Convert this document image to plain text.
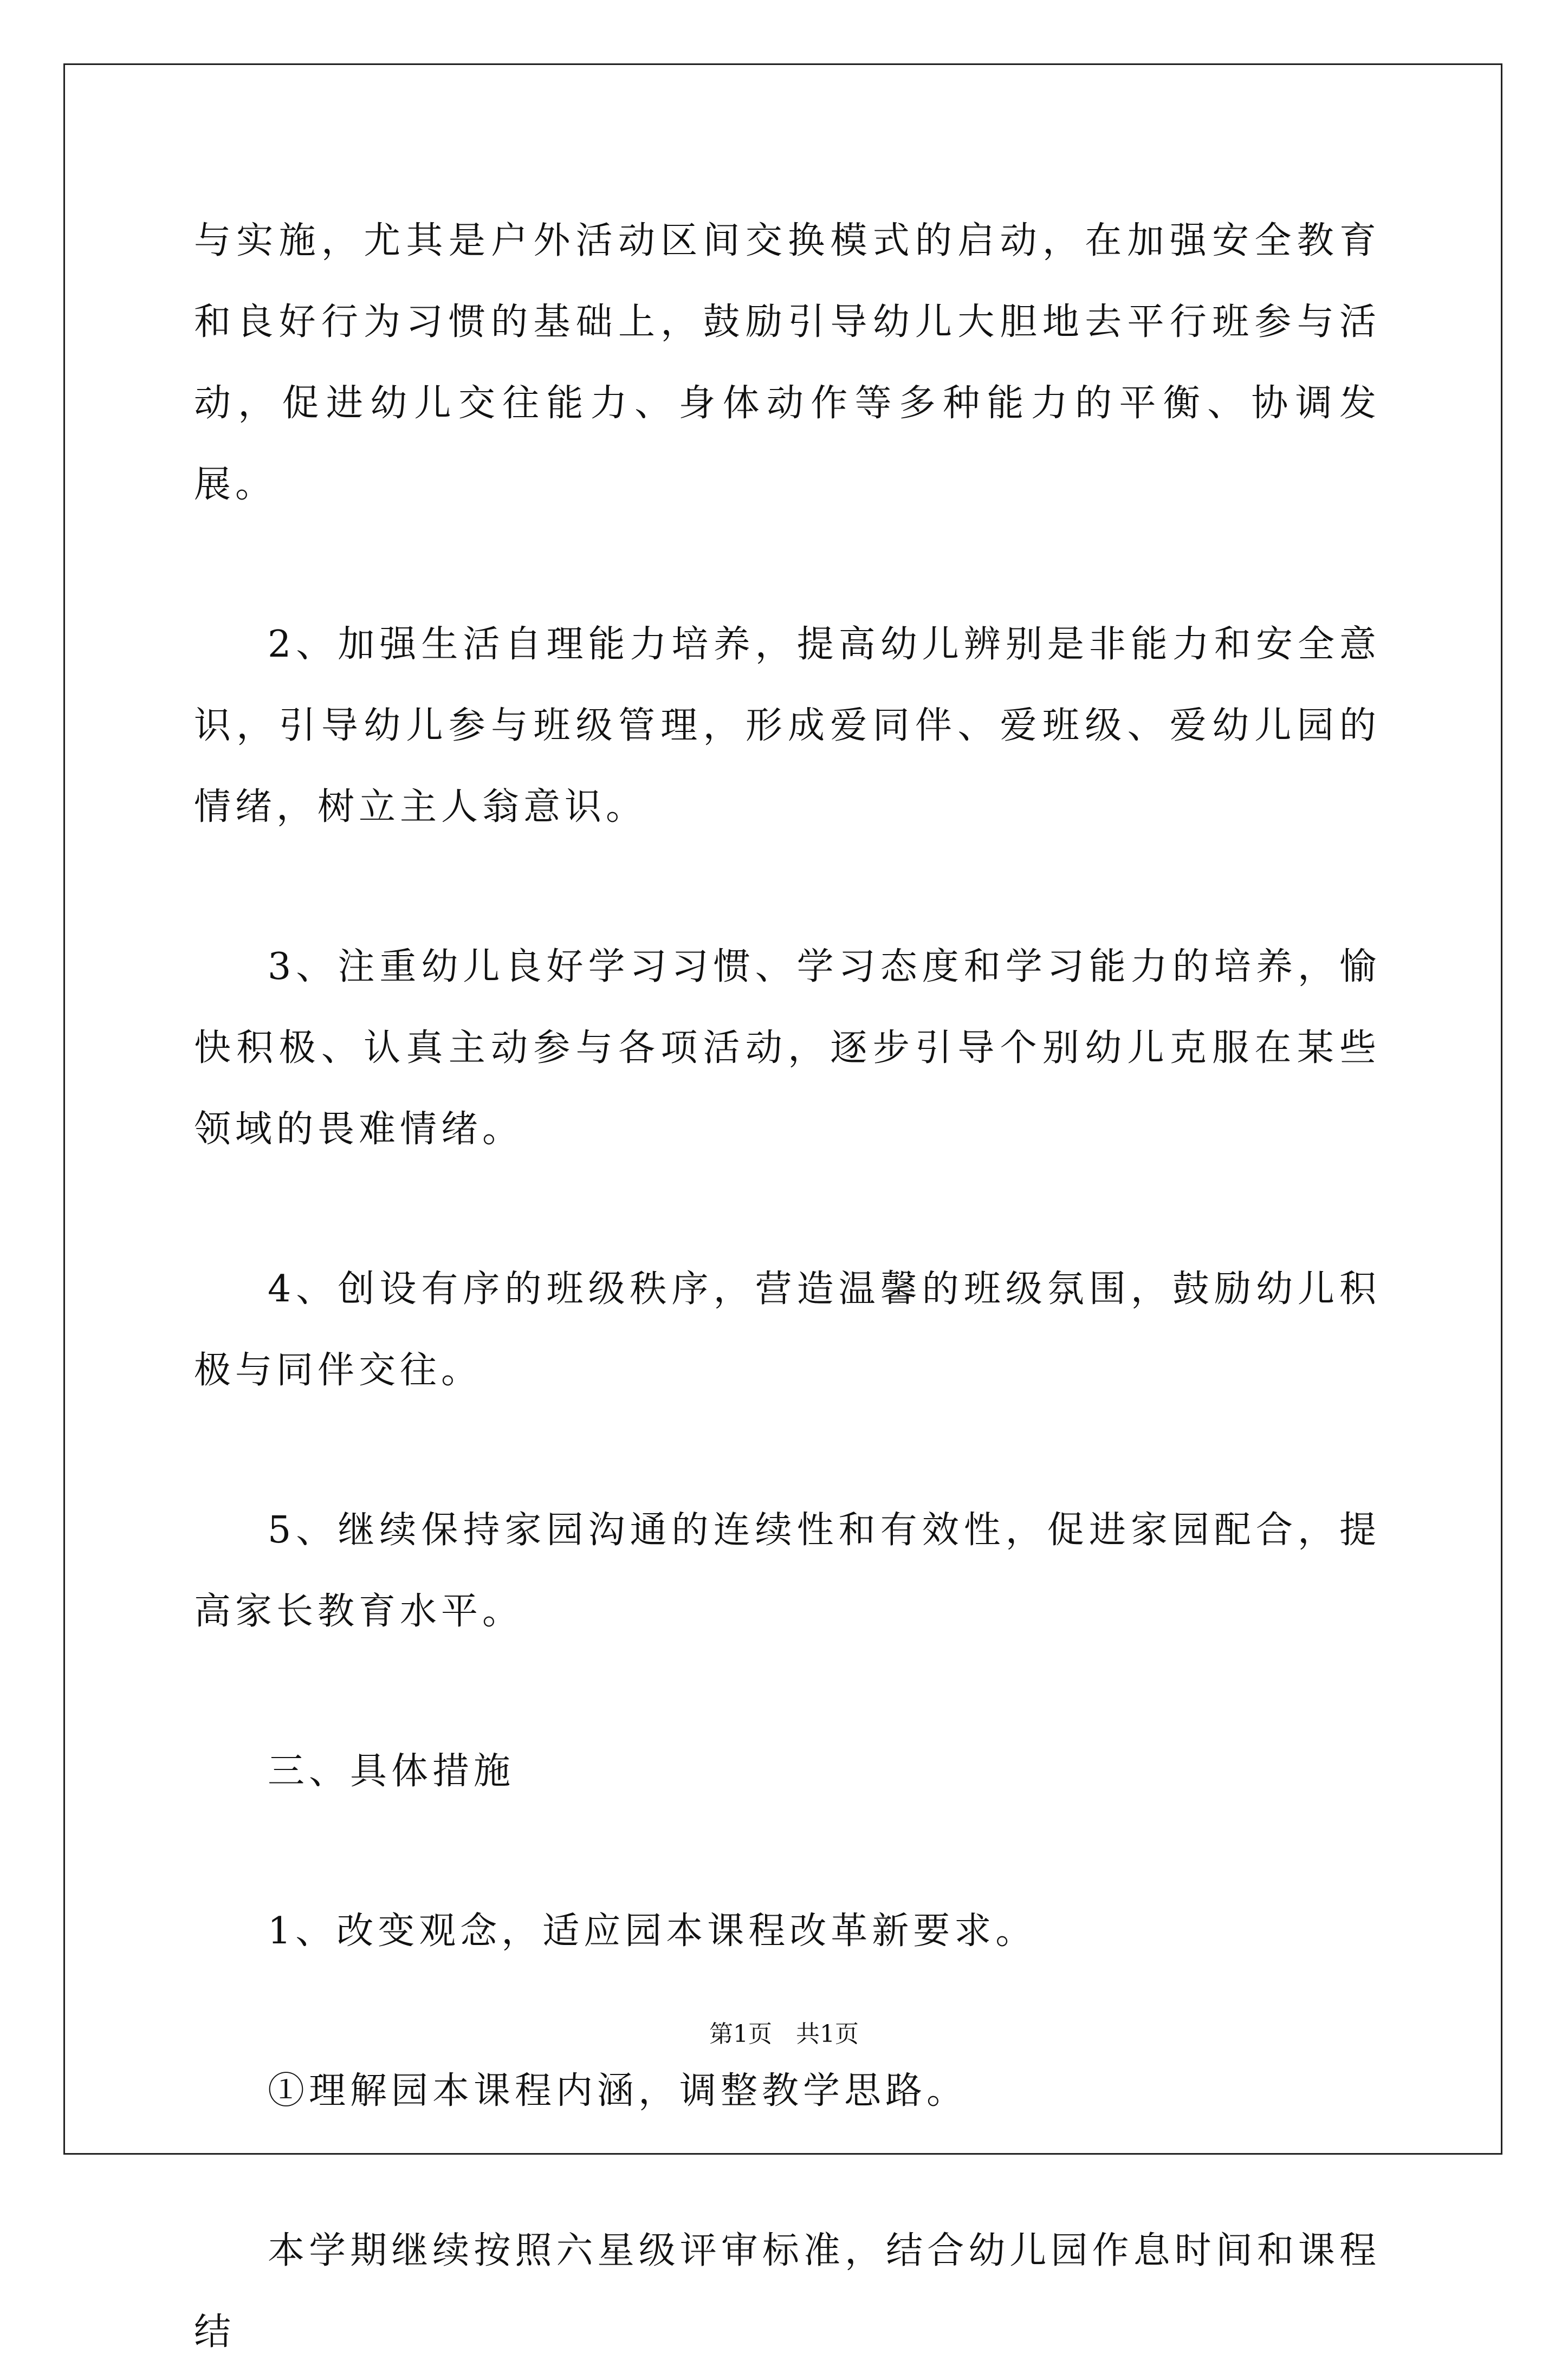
与实施，尤其是户外活动区间交换模式的启动，在加强安全教育和良好行为习惯的基础上，鼓励引导幼儿大胆地去平行班参与活动，促进幼儿交往能力、身体动作等多种能力的平衡、协调发展。

2、加强生活自理能力培养，提高幼儿辨别是非能力和安全意识，引导幼儿参与班级管理，形成爱同伴、爱班级、爱幼儿园的情绪，树立主人翁意识。

3、注重幼儿良好学习习惯、学习态度和学习能力的培养，愉快积极、认真主动参与各项活动，逐步引导个别幼儿克服在某些领域的畏难情绪。

4、创设有序的班级秩序，营造温馨的班级氛围，鼓励幼儿积极与同伴交往。

5、继续保持家园沟通的连续性和有效性，促进家园配合，提高家长教育水平。

三、具体措施

1、改变观念，适应园本课程改革新要求。

①理解园本课程内涵，调整教学思路。

本学期继续按照六星级评审标准，结合幼儿园作息时间和课程结

第1页　共1页
